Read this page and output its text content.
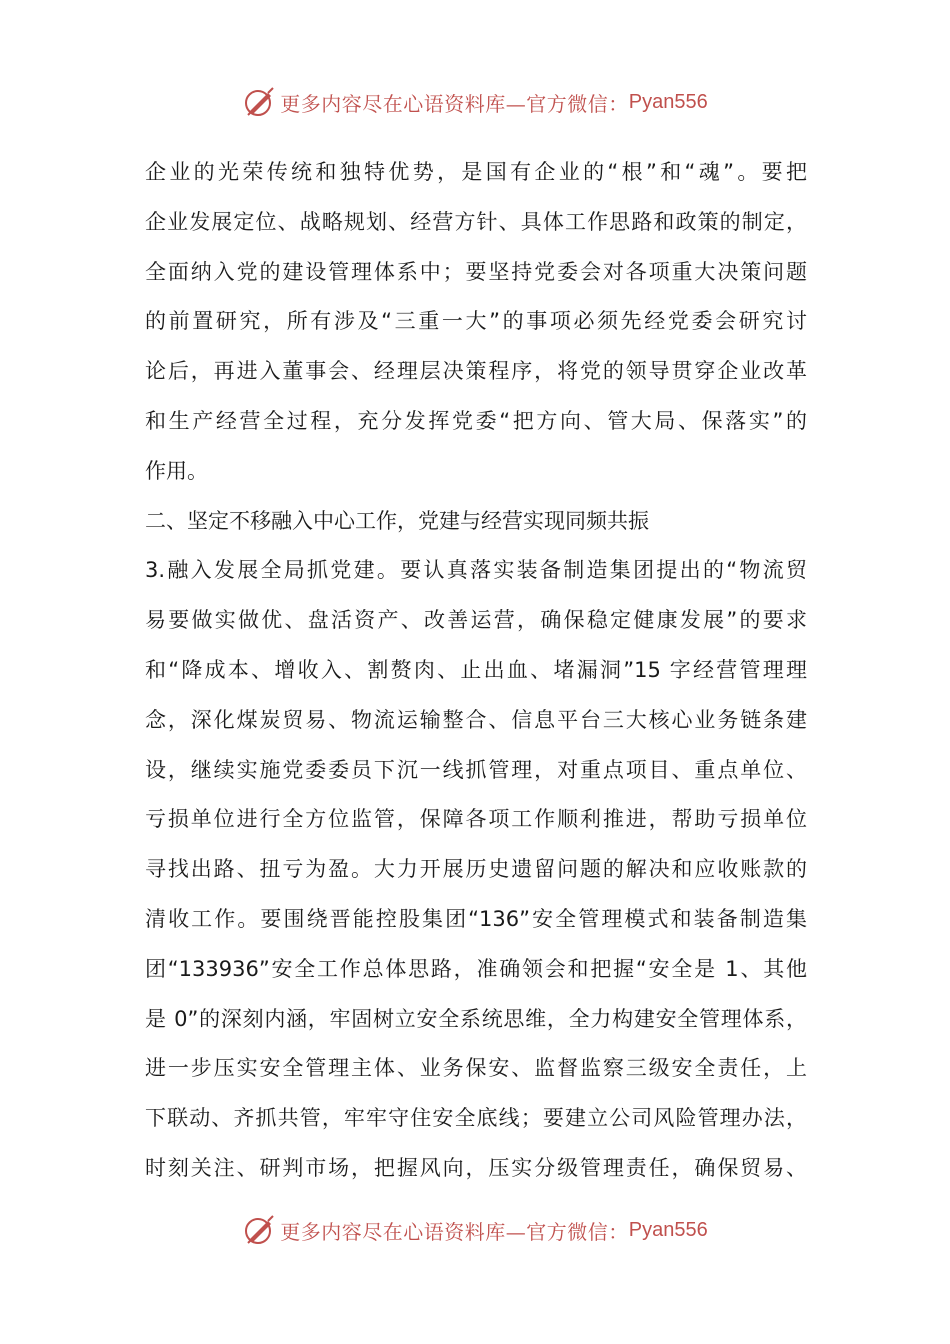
更多内容尽在心语资料库—官方微信： Pyan556
企业的光荣传统和独特优势，是国有企业的“根”和“魂”。要把
企业发展定位、战略规划、经营方针、具体工作思路和政策的制定，
全面纳入党的建设管理体系中；要坚持党委会对各项重大决策问题
的前置研究，所有涉及“三重一大”的事项必须先经党委会研究讨
论后，再进入董事会、经理层决策程序，将党的领导贯穿企业改革
和生产经营全过程，充分发挥党委“把方向、管大局、保落实”的
作用。
二、坚定不移融入中心工作，党建与经营实现同频共振
3.融入发展全局抓党建。要认真落实装备制造集团提出的“物流贸
易要做实做优、盘活资产、改善运营，确保稳定健康发展”的要求
和“降成本、增收入、割赘肉、止出血、堵漏洞”15 字经营管理理
念，深化煤炭贸易、物流运输整合、信息平台三大核心业务链条建
设，继续实施党委委员下沉一线抓管理，对重点项目、重点单位、
亏损单位进行全方位监管，保障各项工作顺利推进，帮助亏损单位
寻找出路、扭亏为盈。大力开展历史遗留问题的解决和应收账款的
清收工作。要围绕晋能控股集团“136”安全管理模式和装备制造集
团“133936”安全工作总体思路，准确领会和把握“安全是 1、其他
是 0”的深刻内涵，牢固树立安全系统思维，全力构建安全管理体系，
进一步压实安全管理主体、业务保安、监督监察三级安全责任，上
下联动、齐抓共管，牢牢守住安全底线；要建立公司风险管理办法，
时刻关注、研判市场，把握风向，压实分级管理责任，确保贸易、
更多内容尽在心语资料库—官方微信： Pyan556
